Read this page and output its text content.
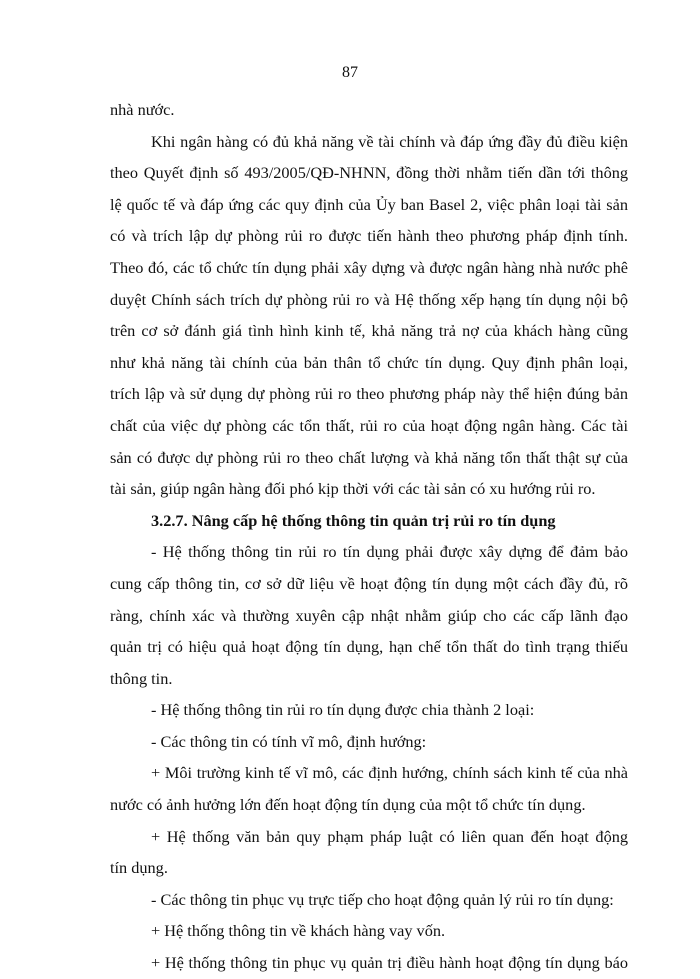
87
nhà nước.
Khi ngân hàng có đủ khả năng về tài chính và đáp ứng đầy đủ điều kiện
theo Quyết định số 493/2005/QĐ-NHNN, đồng thời nhằm tiến dần tới thông
lệ quốc tế và đáp ứng các quy định của Ủy ban Basel 2, việc phân loại tài sản
có và trích lập dự phòng rủi ro được tiến hành theo phương pháp định tính.
Theo đó, các tổ chức tín dụng phải xây dựng và được ngân hàng nhà nước phê
duyệt Chính sách trích dự phòng rủi ro và Hệ thống xếp hạng tín dụng nội bộ
trên cơ sở đánh giá tình hình kinh tế, khả năng trả nợ của khách hàng cũng
như khả năng tài chính của bản thân tổ chức tín dụng. Quy định phân loại,
trích lập và sử dụng dự phòng rủi ro theo phương pháp này thể hiện đúng bản
chất của việc dự phòng các tổn thất, rủi ro của hoạt động ngân hàng. Các tài
sản có được dự phòng rủi ro theo chất lượng và khả năng tổn thất thật sự của
tài sản, giúp ngân hàng đối phó kịp thời với các tài sản có xu hướng rủi ro.
3.2.7. Nâng cấp hệ thống thông tin quản trị rủi ro tín dụng
- Hệ thống thông tin rủi ro tín dụng phải được xây dựng để đảm bảo
cung cấp thông tin, cơ sở dữ liệu về hoạt động tín dụng một cách đầy đủ, rõ
ràng, chính xác và thường xuyên cập nhật nhằm giúp cho các cấp lãnh đạo
quản trị có hiệu quả hoạt động tín dụng, hạn chế tổn thất do tình trạng thiếu
thông tin.
- Hệ thống thông tin rủi ro tín dụng được chia thành 2 loại:
- Các thông tin có tính vĩ mô, định hướng:
+ Môi trường kinh tế vĩ mô, các định hướng, chính sách kinh tế của nhà
nước có ảnh hưởng lớn đến hoạt động tín dụng của một tổ chức tín dụng.
+ Hệ thống văn bản quy phạm pháp luật có liên quan đến hoạt động
tín dụng.
- Các thông tin phục vụ trực tiếp cho hoạt động quản lý rủi ro tín dụng:
+ Hệ thống thông tin về khách hàng vay vốn.
+ Hệ thống thông tin phục vụ quản trị điều hành hoạt động tín dụng báo
